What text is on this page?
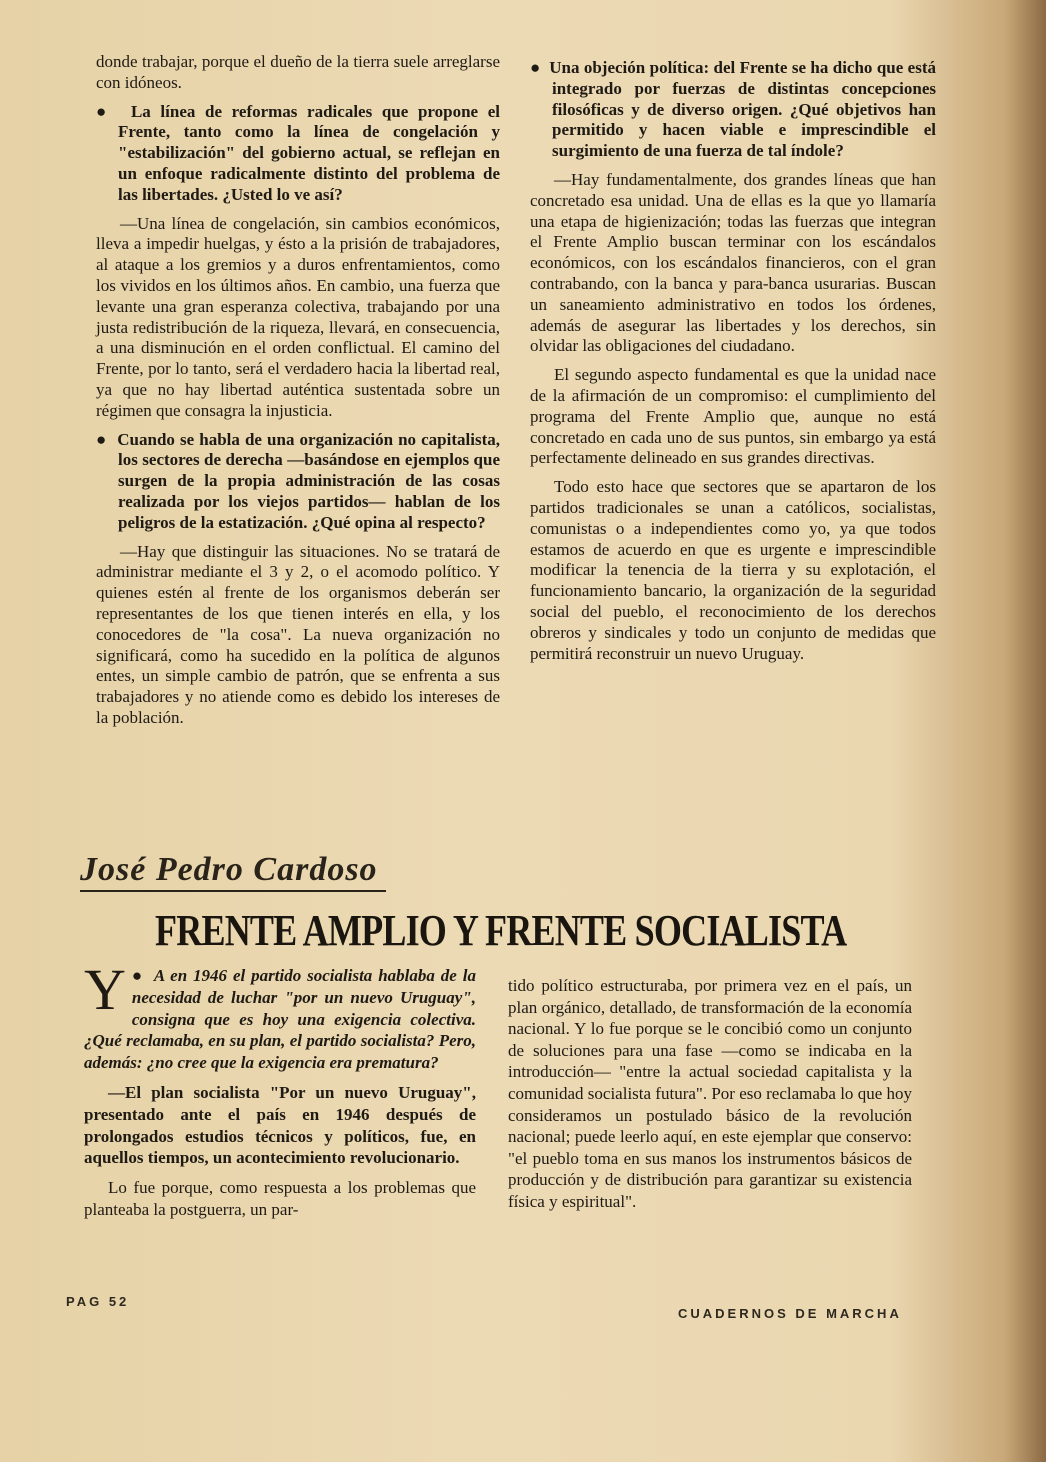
donde trabajar, porque el dueño de la tierra suele arreglarse con idóneos.

● La línea de reformas radicales que propone el Frente, tanto como la línea de congelación y "estabilización" del gobierno actual, se reflejan en un enfoque radicalmente distinto del problema de las libertades. ¿Usted lo ve así?

—Una línea de congelación, sin cambios económicos, lleva a impedir huelgas, y ésto a la prisión de trabajadores, al ataque a los gremios y a duros enfrentamientos, como los vividos en los últimos años. En cambio, una fuerza que levante una gran esperanza colectiva, trabajando por una justa redistribución de la riqueza, llevará, en consecuencia, a una disminución en el orden conflictual. El camino del Frente, por lo tanto, será el verdadero hacia la libertad real, ya que no hay libertad auténtica sustentada sobre un régimen que consagra la injusticia.

● Cuando se habla de una organización no capitalista, los sectores de derecha —basándose en ejemplos que surgen de la propia administración de las cosas realizada por los viejos partidos— hablan de los peligros de la estatización. ¿Qué opina al respecto?

—Hay que distinguir las situaciones. No se tratará de administrar mediante el 3 y 2, o el acomodo político. Y quienes estén al frente de los organismos deberán ser representantes de los que tienen interés en ella, y los conocedores de "la cosa". La nueva organización no significará, como ha sucedido en la política de algunos entes, un simple cambio de patrón, que se enfrenta a sus trabajadores y no atiende como es debido los intereses de la población.

● Una objeción política: del Frente se ha dicho que está integrado por fuerzas de distintas concepciones filosóficas y de diverso origen. ¿Qué objetivos han permitido y hacen viable e imprescindible el surgimiento de una fuerza de tal índole?

—Hay fundamentalmente, dos grandes líneas que han concretado esa unidad. Una de ellas es la que yo llamaría una etapa de higienización; todas las fuerzas que integran el Frente Amplio buscan terminar con los escándalos económicos, con los escándalos financieros, con el gran contrabando, con la banca y para-banca usurarias. Buscan un saneamiento administrativo en todos los órdenes, además de asegurar las libertades y los derechos, sin olvidar las obligaciones del ciudadano.

El segundo aspecto fundamental es que la unidad nace de la afirmación de un compromiso: el cumplimiento del programa del Frente Amplio que, aunque no está concretado en cada uno de sus puntos, sin embargo ya está perfectamente delineado en sus grandes directivas.

Todo esto hace que sectores que se apartaron de los partidos tradicionales se unan a católicos, socialistas, comunistas o a independientes como yo, ya que todos estamos de acuerdo en que es urgente e imprescindible modificar la tenencia de la tierra y su explotación, el funcionamiento bancario, la organización de la seguridad social del pueblo, el reconocimiento de los derechos obreros y sindicales y todo un conjunto de medidas que permitirá reconstruir un nuevo Uruguay.

José Pedro Cardoso
FRENTE AMPLIO Y FRENTE SOCIALISTA

●
Y A en 1946 el partido socialista hablaba de la necesidad de luchar "por un nuevo Uruguay", consigna que es hoy una exigencia colectiva. ¿Qué reclamaba, en su plan, el partido socialista? Pero, además: ¿no cree que la exigencia era prematura?

—El plan socialista "Por un nuevo Uruguay", presentado ante el país en 1946 después de prolongados estudios técnicos y políticos, fue, en aquellos tiempos, un acontecimiento revolucionario.

Lo fue porque, como respuesta a los problemas que planteaba la postguerra, un par-

tido político estructuraba, por primera vez en el país, un plan orgánico, detallado, de transformación de la economía nacional. Y lo fue porque se le concibió como un conjunto de soluciones para una fase —como se indicaba en la introducción— "entre la actual sociedad capitalista y la comunidad socialista futura". Por eso reclamaba lo que hoy consideramos un postulado básico de la revolución nacional; puede leerlo aquí, en este ejemplar que conservo: "el pueblo toma en sus manos los instrumentos básicos de producción y de distribución para garantizar su existencia física y espiritual".

PAG 52
CUADERNOS DE MARCHA
